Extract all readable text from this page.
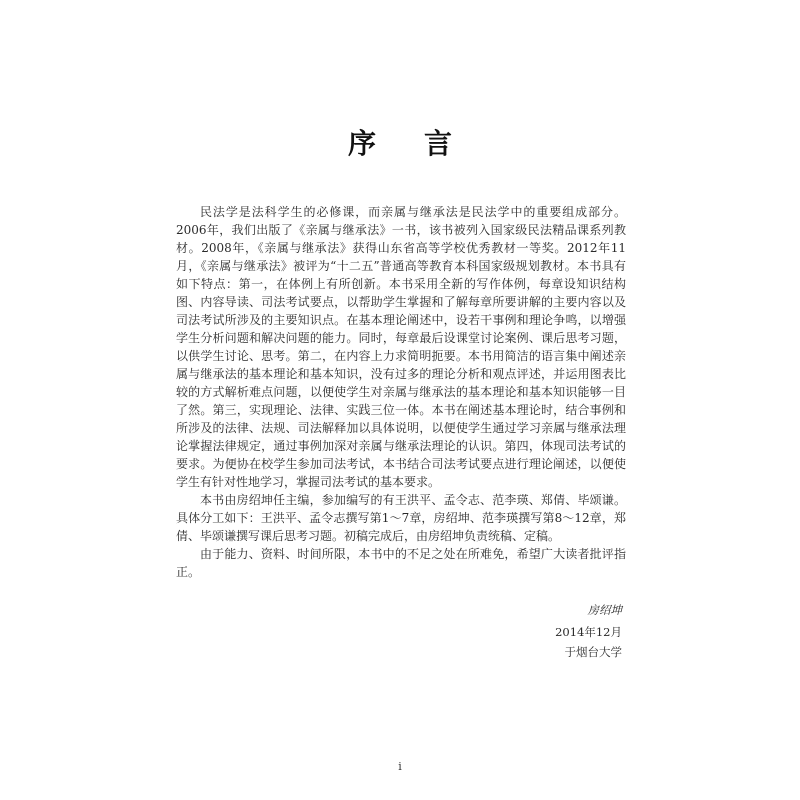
序 言

民法学是法科学生的必修课，而亲属与继承法是民法学中的重要组成部分。2006年，我们出版了《亲属与继承法》一书，该书被列入国家级民法精品课系列教材。2008年，《亲属与继承法》获得山东省高等学校优秀教材一等奖。2012年11月，《亲属与继承法》被评为“十二五”普通高等教育本科国家级规划教材。本书具有如下特点：第一，在体例上有所创新。本书采用全新的写作体例，每章设知识结构图、内容导读、司法考试要点，以帮助学生掌握和了解每章所要讲解的主要内容以及司法考试所涉及的主要知识点。在基本理论阐述中，设若干事例和理论争鸣，以增强学生分析问题和解决问题的能力。同时，每章最后设课堂讨论案例、课后思考习题，以供学生讨论、思考。第二，在内容上力求简明扼要。本书用简洁的语言集中阐述亲属与继承法的基本理论和基本知识，没有过多的理论分析和观点评述，并运用图表比较的方式解析难点问题，以便使学生对亲属与继承法的基本理论和基本知识能够一目了然。第三，实现理论、法律、实践三位一体。本书在阐述基本理论时，结合事例和所涉及的法律、法规、司法解释加以具体说明，以便使学生通过学习亲属与继承法理论掌握法律规定，通过事例加深对亲属与继承法理论的认识。第四，体现司法考试的要求。为便协在校学生参加司法考试，本书结合司法考试要点进行理论阐述，以便使学生有针对性地学习，掌握司法考试的基本要求。

本书由房绍坤任主编，参加编写的有王洪平、孟令志、范李瑛、郑倩、毕颂谦。具体分工如下：王洪平、孟令志撰写第1～7章，房绍坤、范李瑛撰写第8～12章，郑倩、毕颂谦撰写课后思考习题。初稿完成后，由房绍坤负责统稿、定稿。

由于能力、资料、时间所限，本书中的不足之处在所难免，希望广大读者批评指正。

房绍坤
2014年12月
于烟台大学
i
